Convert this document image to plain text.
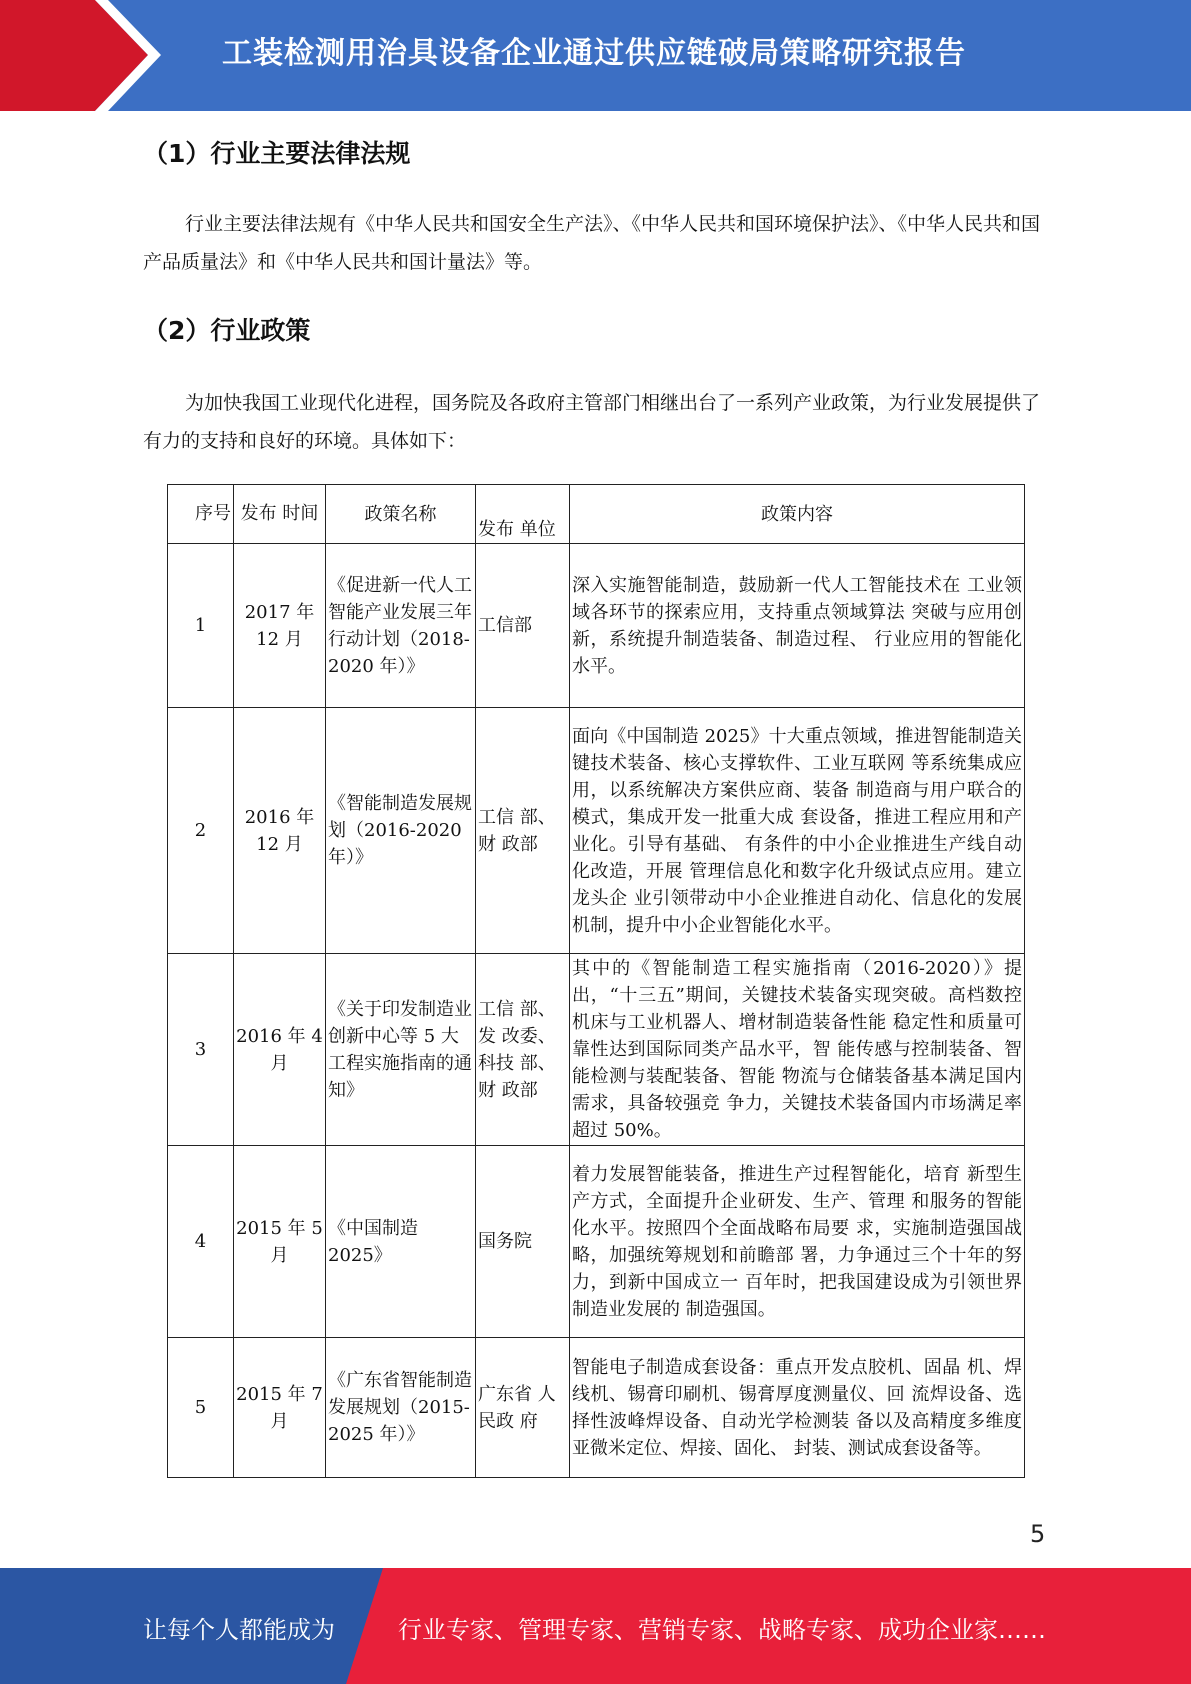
工装检测用治具设备企业通过供应链破局策略研究报告
（1）行业主要法律法规
行业主要法律法规有《中华人民共和国安全生产法》、《中华人民共和国环境保护法》、《中华人民共和国产品质量法》和《中华人民共和国计量法》等。
（2）行业政策
为加快我国工业现代化进程，国务院及各政府主管部门相继出台了一系列产业政策，为行业发展提供了有力的支持和良好的环境。具体如下：
序号	发布 时间	政策名称	发布 单位	政策内容
1	2017 年 12 月	《促进新一代人工智能产业发展三年行动计划（2018-2020 年）》	工信部	深入实施智能制造，鼓励新一代人工智能技术在 工业领域各环节的探索应用，支持重点领域算法 突破与应用创新，系统提升制造装备、制造过程、 行业应用的智能化水平。
2	2016 年 12 月	《智能制造发展规划（2016-2020 年）》	工信 部、财 政部	面向《中国制造 2025》十大重点领域，推进智能制造关键技术装备、核心支撑软件、工业互联网 等系统集成应用，以系统解决方案供应商、装备 制造商与用户联合的模式，集成开发一批重大成 套设备，推进工程应用和产业化。引导有基础、 有条件的中小企业推进生产线自动化改造，开展 管理信息化和数字化升级试点应用。建立龙头企 业引领带动中小企业推进自动化、信息化的发展 机制，提升中小企业智能化水平。
3	2016 年 4 月	《关于印发制造业创新中心等 5 大工程实施指南的通知》	工信 部、发 改委、科技 部、财 政部	其中的《智能制造工程实施指南（2016-2020）》提出，“十三五”期间，关键技术装备实现突破。高档数控机床与工业机器人、增材制造装备性能 稳定性和质量可靠性达到国际同类产品水平，智 能传感与控制装备、智能检测与装配装备、智能 物流与仓储装备基本满足国内需求，具备较强竞 争力，关键技术装备国内市场满足率超过 50%。
4	2015 年 5 月	《中国制造 2025》	国务院	着力发展智能装备，推进生产过程智能化，培育 新型生产方式，全面提升企业研发、生产、管理 和服务的智能化水平。按照四个全面战略布局要 求，实施制造强国战略，加强统筹规划和前瞻部 署，力争通过三个十年的努力，到新中国成立一 百年时，把我国建设成为引领世界制造业发展的 制造强国。
5	2015 年 7 月	《广东省智能制造发展规划（2015-2025 年）》	广东省 人民政 府	智能电子制造成套设备：重点开发点胶机、固晶 机、焊线机、锡膏印刷机、锡膏厚度测量仪、回 流焊设备、选择性波峰焊设备、自动光学检测装 备以及高精度多维度亚微米定位、焊接、固化、 封装、测试成套设备等。
5
让每个人都能成为	行业专家、管理专家、营销专家、战略专家、成功企业家……
